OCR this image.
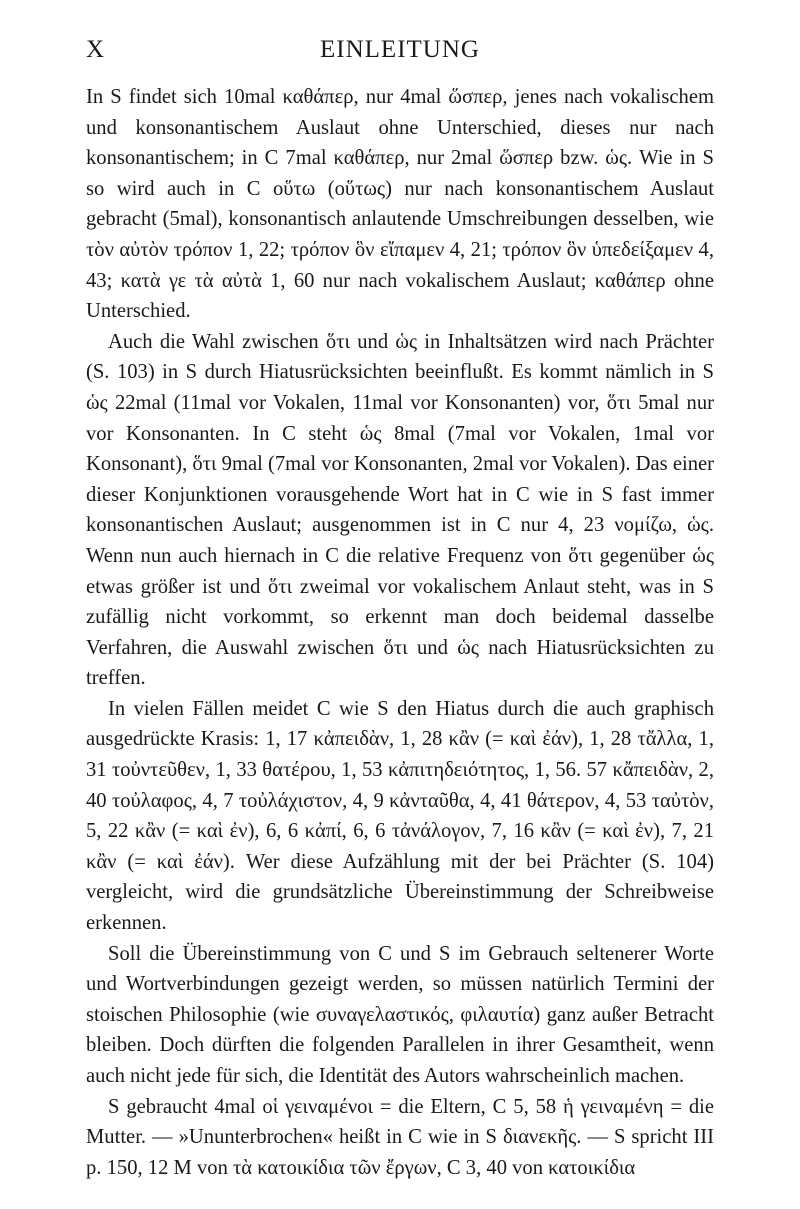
X	EINLEITUNG

In S findet sich 10mal καθάπερ, nur 4mal ὥσπερ, jenes nach vokalischem und konsonantischem Auslaut ohne Unterschied, dieses nur nach konsonantischem; in C 7mal καθάπερ, nur 2mal ὥσπερ bzw. ὡς. Wie in S so wird auch in C οὕτω (οὕτως) nur nach konsonantischem Auslaut gebracht (5mal), konsonantisch anlautende Umschreibungen desselben, wie τὸν αὐτὸν τρόπον 1, 22; τρόπον ὃν εἴπαμεν 4, 21; τρόπον ὃν ὑπεδείξαμεν 4, 43; κατὰ γε τὰ αὐτὰ 1, 60 nur nach vokalischem Auslaut; καθάπερ ohne Unterschied.

Auch die Wahl zwischen ὅτι und ὡς in Inhaltsätzen wird nach Prächter (S. 103) in S durch Hiatusrücksichten beeinflußt. Es kommt nämlich in S ὡς 22mal (11mal vor Vokalen, 11mal vor Konsonanten) vor, ὅτι 5mal nur vor Konsonanten. In C steht ὡς 8mal (7mal vor Vokalen, 1mal vor Konsonant), ὅτι 9mal (7mal vor Konsonanten, 2mal vor Vokalen). Das einer dieser Konjunktionen vorausgehende Wort hat in C wie in S fast immer konsonantischen Auslaut; ausgenommen ist in C nur 4, 23 νομίζω, ὡς. Wenn nun auch hiernach in C die relative Frequenz von ὅτι gegenüber ὡς etwas größer ist und ὅτι zweimal vor vokalischem Anlaut steht, was in S zufällig nicht vorkommt, so erkennt man doch beidemal dasselbe Verfahren, die Auswahl zwischen ὅτι und ὡς nach Hiatusrücksichten zu treffen.

In vielen Fällen meidet C wie S den Hiatus durch die auch graphisch ausgedrückte Krasis: 1, 17 κἀπειδὰν, 1, 28 κἂν (= καὶ ἐάν), 1, 28 τἄλλα, 1, 31 τοὐντεῦθεν, 1, 33 θατέρου, 1, 53 κἀπιτηδειότητος, 1, 56. 57 κἄπειδὰν, 2, 40 τοὐλαφος, 4, 7 τοὐλάχιστον, 4, 9 κἀνταῦθα, 4, 41 θάτερον, 4, 53 ταὐτὸν, 5, 22 κἂν (= καὶ ἐν), 6, 6 κἀπί, 6, 6 τἀνάλογον, 7, 16 κἂν (= καὶ ἐν), 7, 21 κἂν (= καὶ ἐάν). Wer diese Aufzählung mit der bei Prächter (S. 104) vergleicht, wird die grundsätzliche Übereinstimmung der Schreibweise erkennen.

Soll die Übereinstimmung von C und S im Gebrauch seltenerer Worte und Wortverbindungen gezeigt werden, so müssen natürlich Termini der stoischen Philosophie (wie συναγελαστικός, φιλαυτία) ganz außer Betracht bleiben. Doch dürften die folgenden Parallelen in ihrer Gesamtheit, wenn auch nicht jede für sich, die Identität des Autors wahrscheinlich machen.

S gebraucht 4mal οἱ γειναμένοι = die Eltern, C 5, 58 ἡ γειναμένη = die Mutter. — »Ununterbrochen« heißt in C wie in S διανεκῆς. — S spricht III p. 150, 12 M von τὰ κατοικίδια τῶν ἔργων, C 3, 40 von κατοικίδια
